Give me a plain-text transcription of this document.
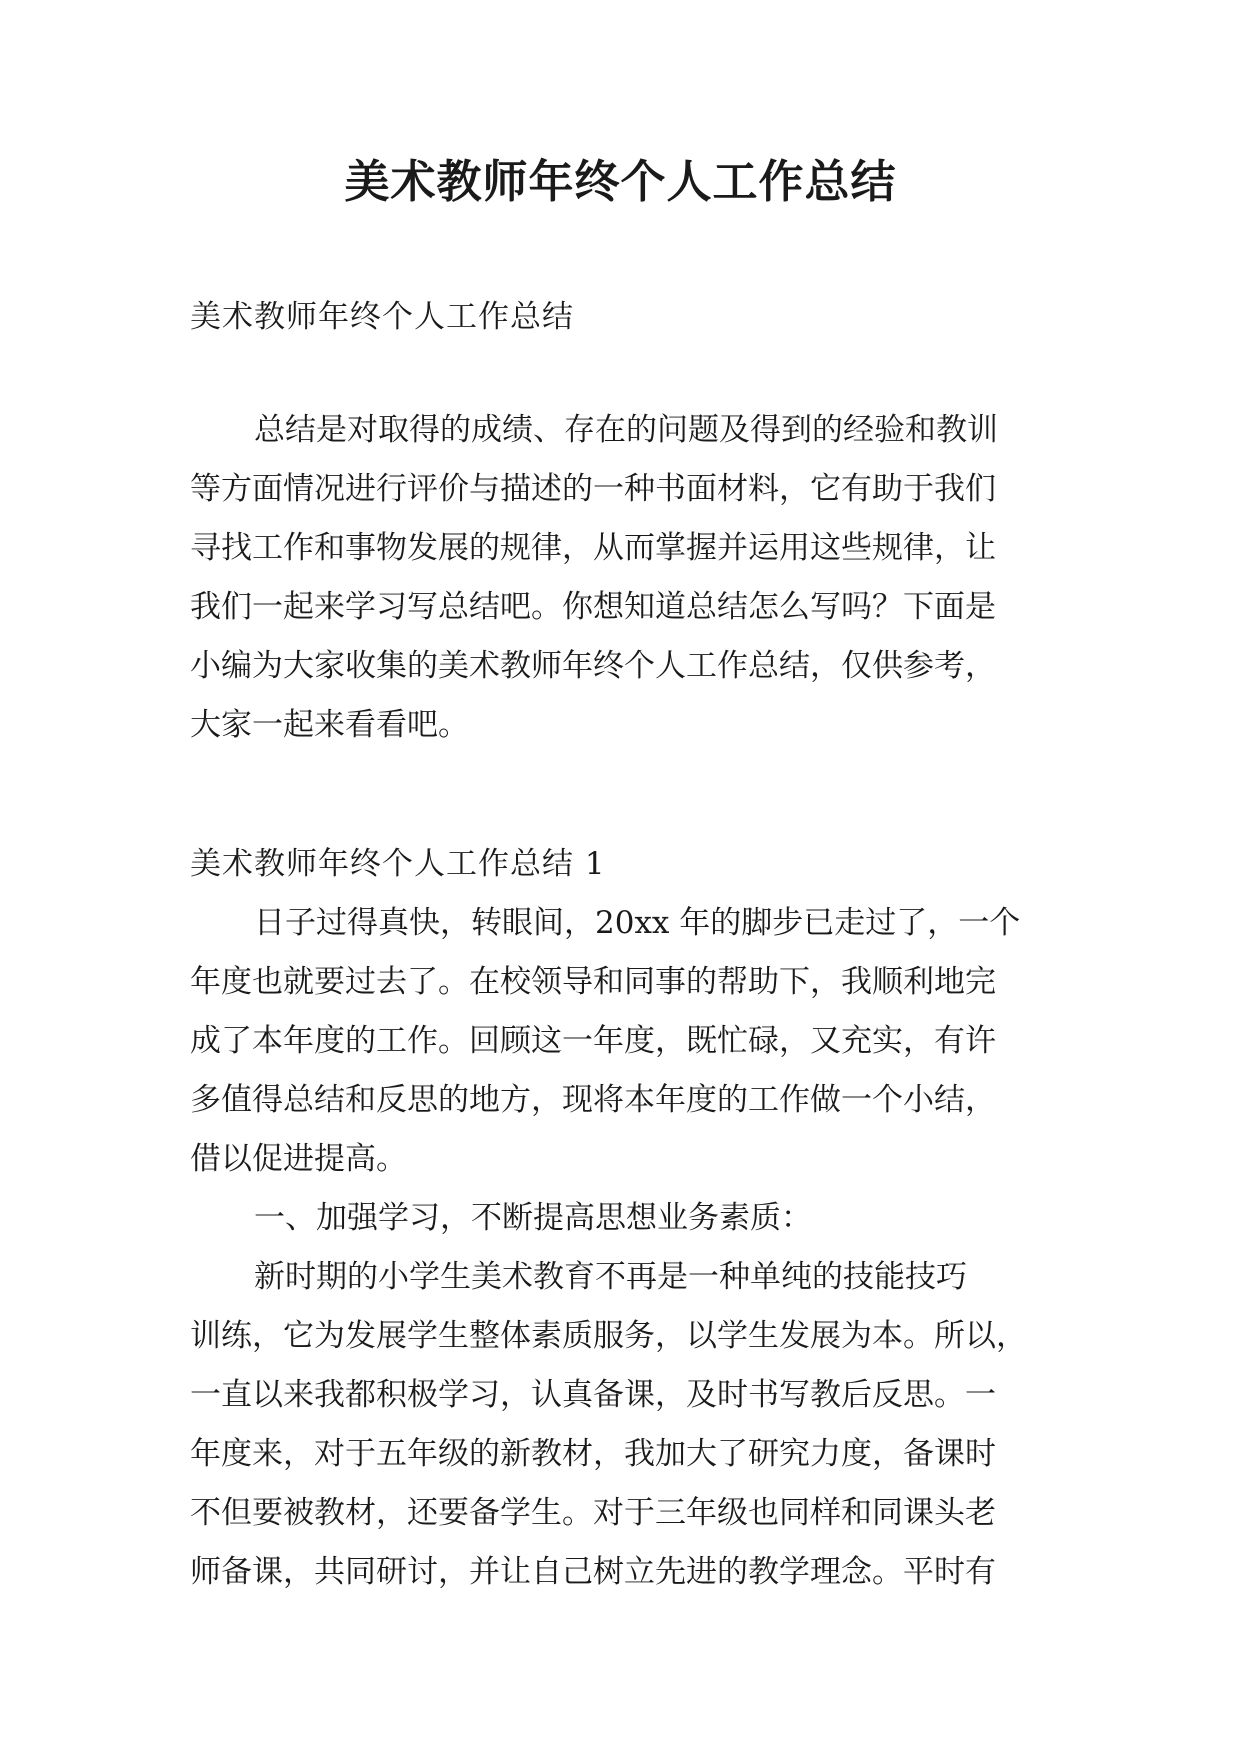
美术教师年终个人工作总结

美术教师年终个人工作总结

总结是对取得的成绩、存在的问题及得到的经验和教训
等方面情况进行评价与描述的一种书面材料，它有助于我们
寻找工作和事物发展的规律，从而掌握并运用这些规律，让
我们一起来学习写总结吧。你想知道总结怎么写吗？下面是
小编为大家收集的美术教师年终个人工作总结，仅供参考，
大家一起来看看吧。

美术教师年终个人工作总结 1

日子过得真快，转眼间，20xx 年的脚步已走过了，一个
年度也就要过去了。在校领导和同事的帮助下，我顺利地完
成了本年度的工作。回顾这一年度，既忙碌，又充实，有许
多值得总结和反思的地方，现将本年度的工作做一个小结，
借以促进提高。
一、加强学习，不断提高思想业务素质：
新时期的小学生美术教育不再是一种单纯的技能技巧
训练，它为发展学生整体素质服务，以学生发展为本。所以，
一直以来我都积极学习，认真备课，及时书写教后反思。一
年度来，对于五年级的新教材，我加大了研究力度，备课时
不但要被教材，还要备学生。对于三年级也同样和同课头老
师备课，共同研讨，并让自己树立先进的教学理念。平时有
